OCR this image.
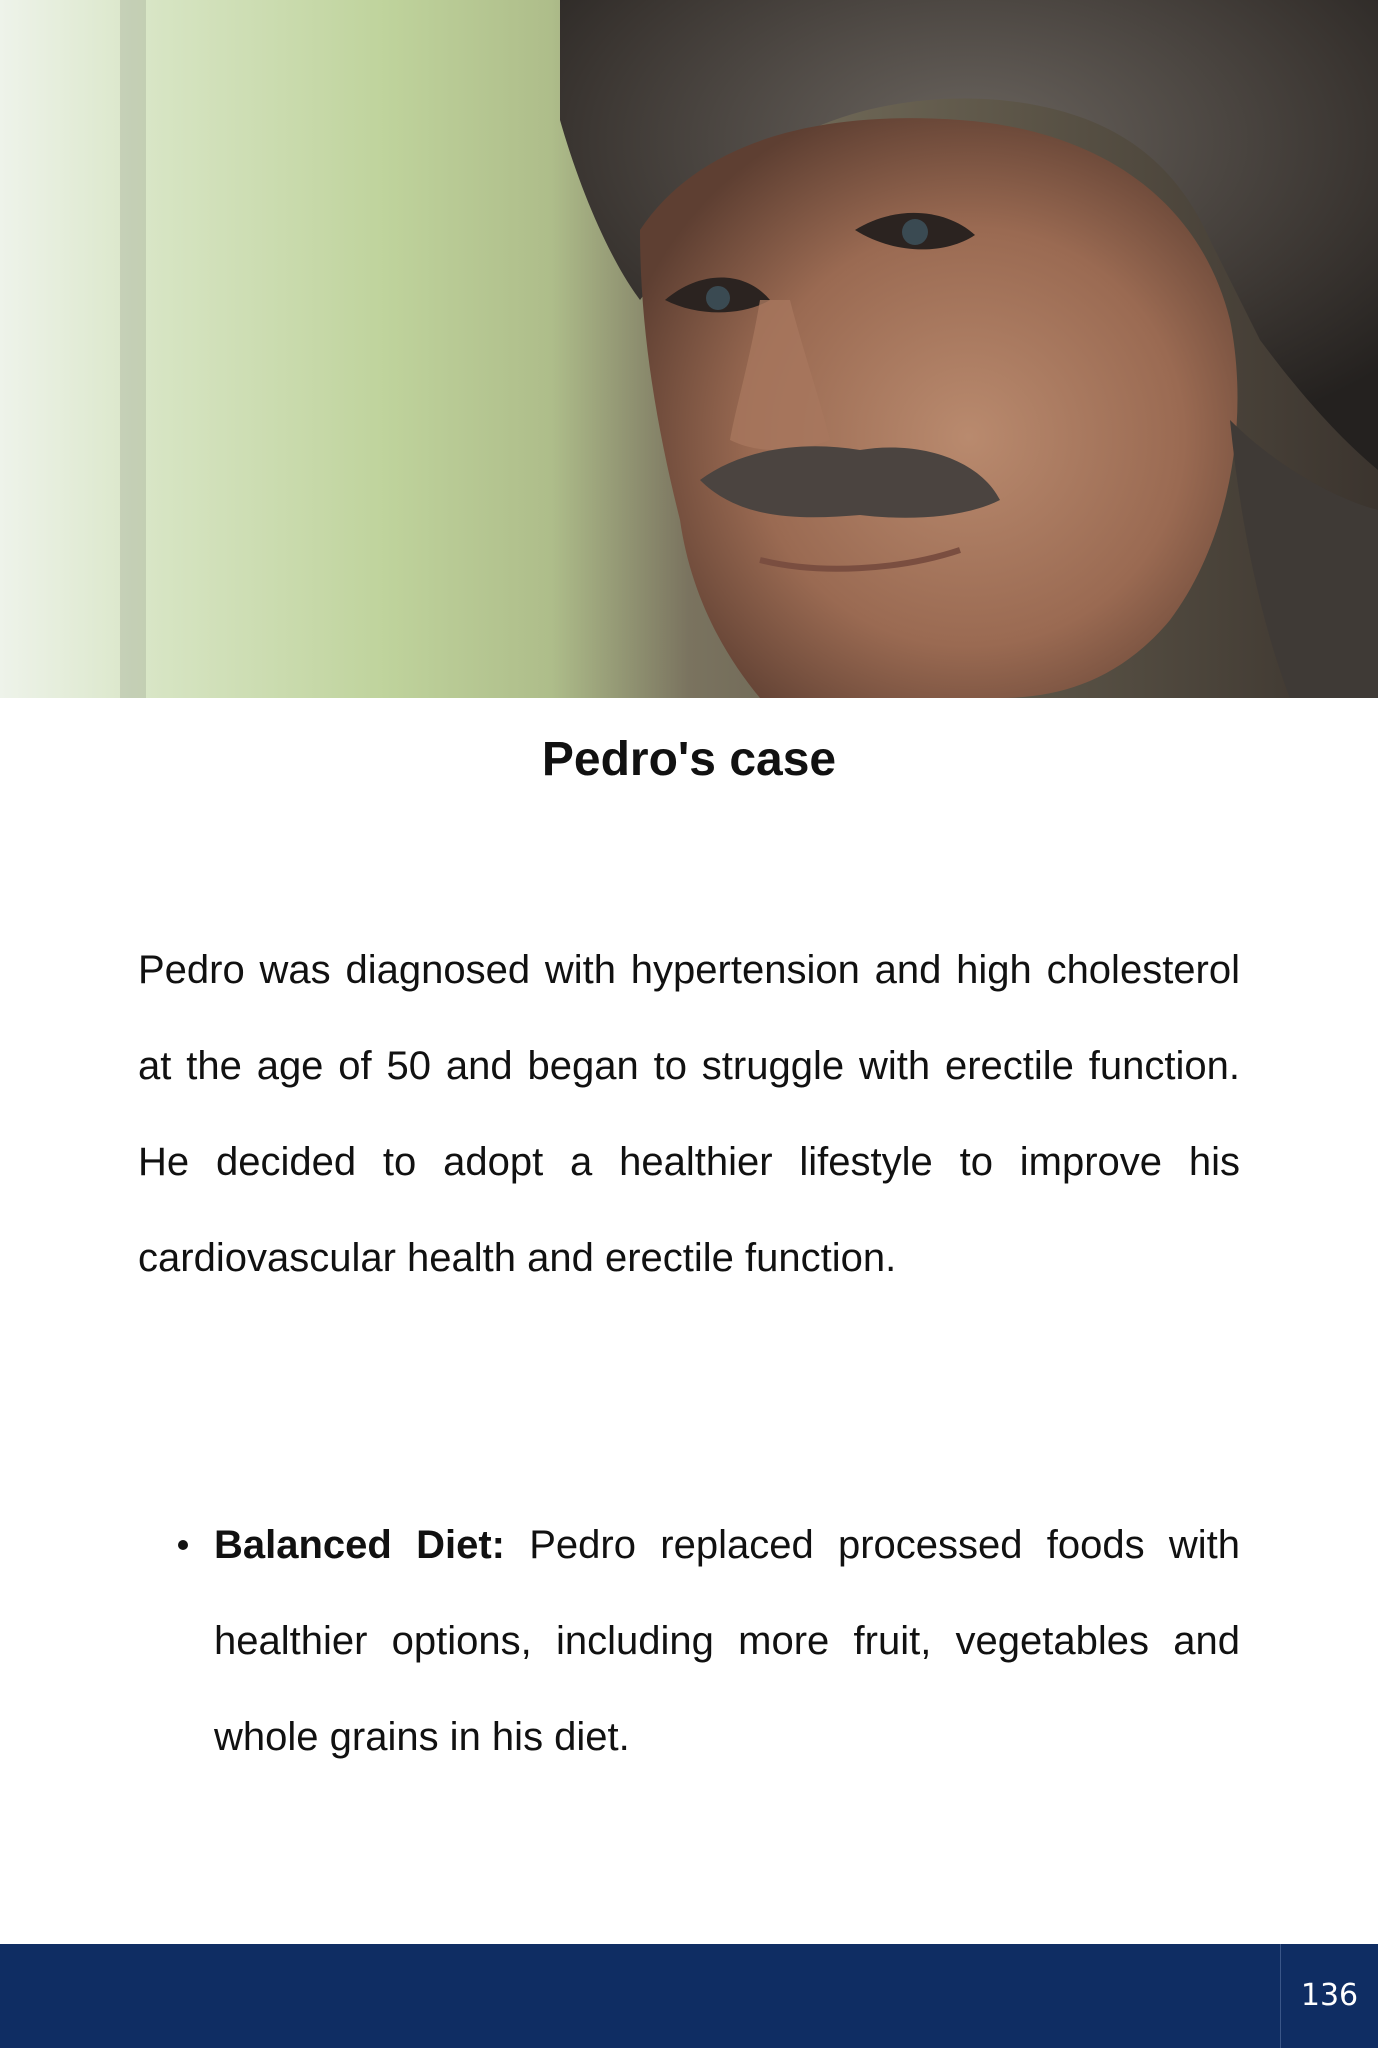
Pedro's case

Pedro was diagnosed with hypertension and high cholesterol at the age of 50 and began to struggle with erectile function. He decided to adopt a healthier lifestyle to improve his cardiovascular health and erectile function.

Balanced Diet: Pedro replaced processed foods with healthier options, including more fruit, vegetables and whole grains in his diet.
136
